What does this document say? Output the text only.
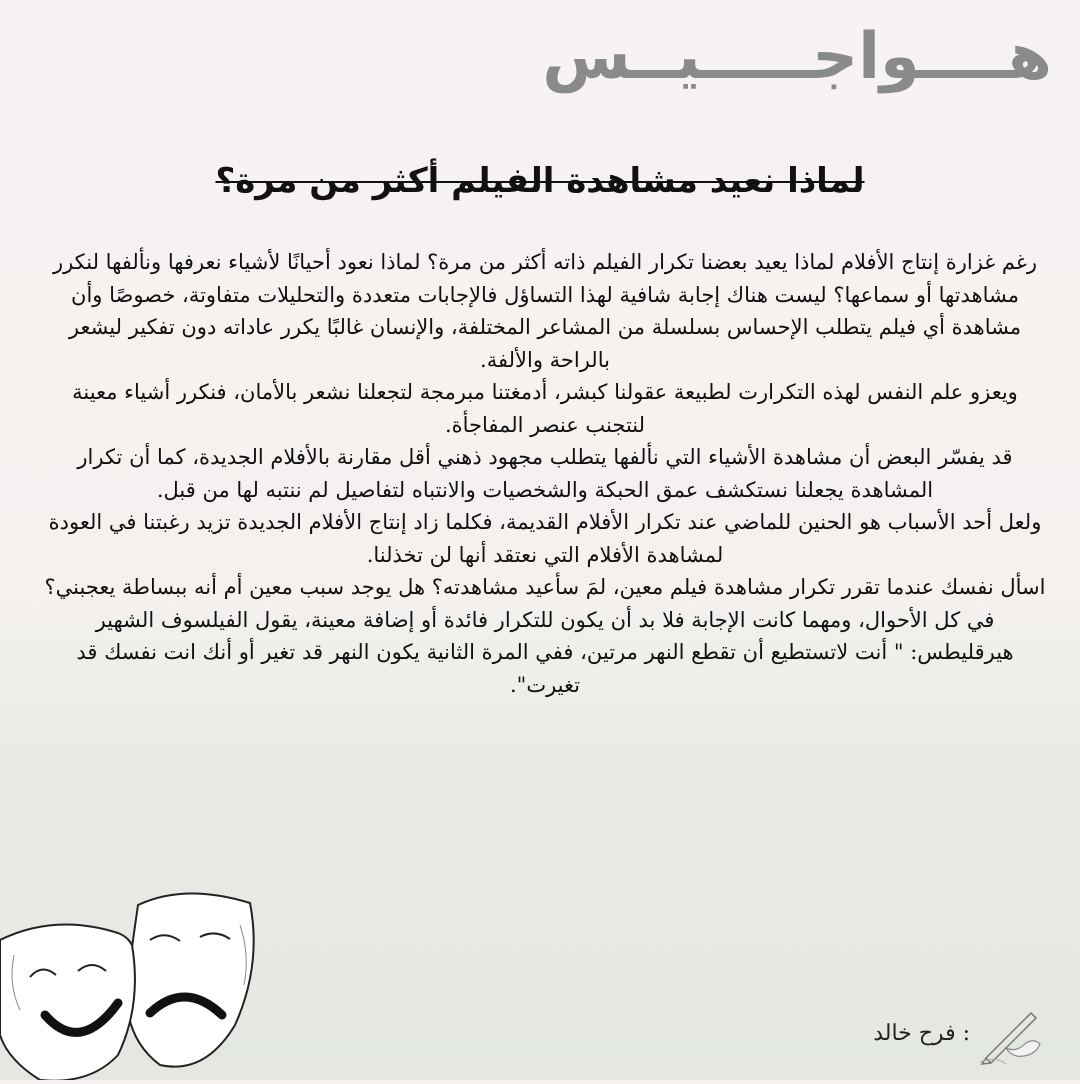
هــــواجـــــيــس
لماذا نعيد مشاهدة الفيلم أكثر من مرة؟

رغم غزارة إنتاج الأفلام لماذا يعيد بعضنا تكرار الفيلم ذاته أكثر من مرة؟ لماذا نعود أحيانًا لأشياء نعرفها ونألفها لنكرر مشاهدتها أو سماعها؟ ليست هناك إجابة شافية لهذا التساؤل فالإجابات متعددة والتحليلات متفاوتة، خصوصًا وأن مشاهدة أي فيلم يتطلب الإحساس بسلسلة من المشاعر المختلفة، والإنسان غالبًا يكرر عاداته دون تفكير ليشعر بالراحة والألفة.

ويعزو علم النفس لهذه التكرارت لطبيعة عقولنا كبشر، أدمغتنا مبرمجة لتجعلنا نشعر بالأمان، فنكرر أشياء معينة لنتجنب عنصر المفاجأة.

قد يفسّر البعض أن مشاهدة الأشياء التي نألفها يتطلب مجهود ذهني أقل مقارنة بالأفلام الجديدة، كما أن تكرار المشاهدة يجعلنا نستكشف عمق الحبكة والشخصيات والانتباه لتفاصيل لم ننتبه لها من قبل.

ولعل أحد الأسباب هو الحنين للماضي عند تكرار الأفلام القديمة، فكلما زاد إنتاج الأفلام الجديدة تزيد رغبتنا في العودة لمشاهدة الأفلام التي نعتقد أنها لن تخذلنا.

اسأل نفسك عندما تقرر تكرار مشاهدة فيلم معين، لمَ سأعيد مشاهدته؟ هل يوجد سبب معين أم أنه ببساطة يعجبني؟

في كل الأحوال، ومهما كانت الإجابة فلا بد أن يكون للتكرار فائدة أو إضافة معينة، يقول الفيلسوف الشهير هيرقليطس: " أنت لاتستطيع أن تقطع النهر مرتين، ففي المرة الثانية يكون النهر قد تغير أو أنك انت نفسك قد تغيرت".

: فرح خالد
